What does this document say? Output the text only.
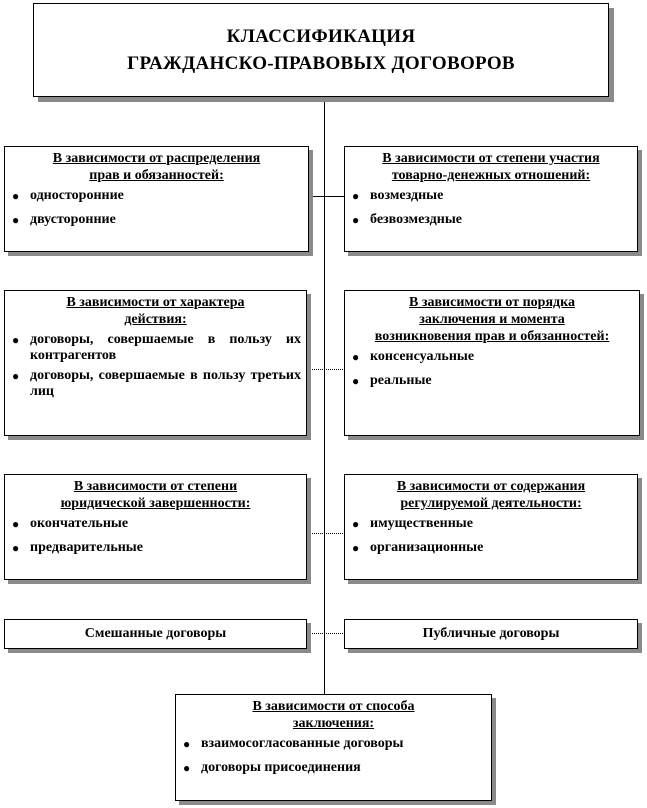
КЛАССИФИКАЦИЯ
ГРАЖДАНСКО-ПРАВОВЫХ ДОГОВОРОВ
В зависимости от распределения
прав и обязанностей:
● односторонние
● двусторонние
В зависимости от степени участия
товарно-денежных отношений:
● возмездные
● безвозмездные
В зависимости от характера
действия:
● договоры, совершаемые в пользу их контрагентов
● договоры, совершаемые в пользу третьих лиц
В зависимости от порядка
заключения и момента
возникновения прав и обязанностей:
● консенсуальные
● реальные
В зависимости от степени
юридической завершенности:
● окончательные
● предварительные
В зависимости от содержания
регулируемой деятельности:
● имущественные
● организационные
Смешанные договоры	Публичные договоры
В зависимости от способа
заключения:
● взаимосогласованные договоры
● договоры присоединения
